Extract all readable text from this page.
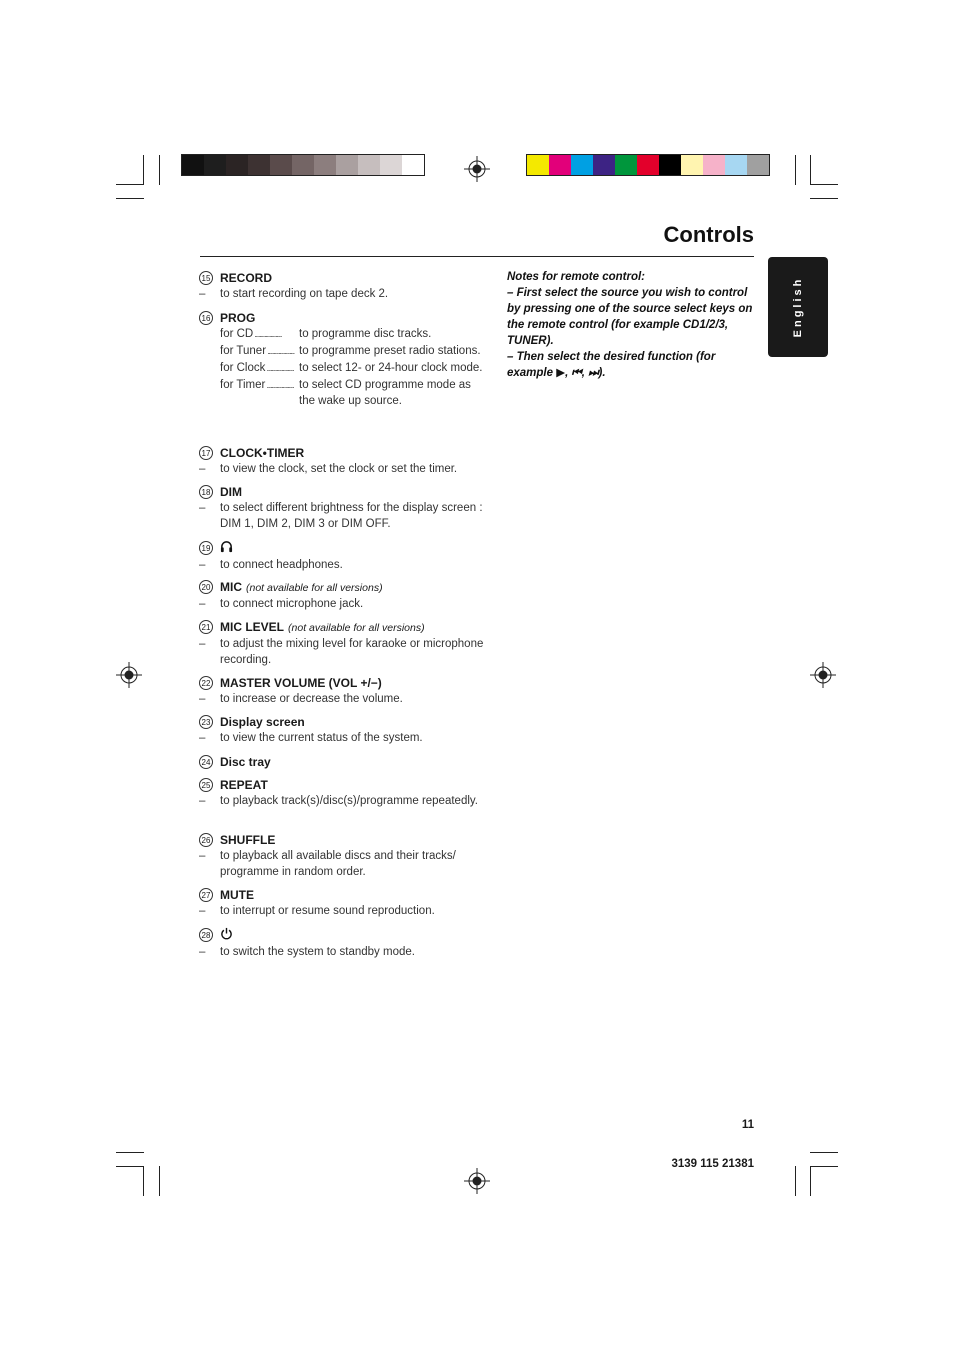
Controls
English
15 RECORD
– to start recording on tape deck 2.
16 PROG
for CD .....	to programme disc tracks.
for Tuner .....	to programme preset radio stations.
for Clock .....	to select 12- or 24-hour clock mode.
for Timer .....	to select CD programme mode as the wake up source.
17 CLOCK•TIMER
– to view the clock, set the clock or set the timer.
18 DIM
– to select different brightness for the display screen : DIM 1, DIM 2, DIM 3 or DIM OFF.
19
– to connect headphones.
20 MIC (not available for all versions)
– to connect microphone jack.
21 MIC LEVEL (not available for all versions)
– to adjust the mixing level for karaoke or microphone recording.
22 MASTER VOLUME (VOL +/−)
– to increase or decrease the volume.
23 Display screen
– to view the current status of the system.
24 Disc tray
25 REPEAT
– to playback track(s)/disc(s)/programme repeatedly.
26 SHUFFLE
– to playback all available discs and their tracks/ programme in random order.
27 MUTE
– to interrupt or resume sound reproduction.
28
– to switch the system to standby mode.
Notes for remote control:
– First select the source you wish to control by pressing one of the source select keys on the remote control (for example CD1/2/3, TUNER).
– Then select the desired function (for example ▶, ⏮, ⏭).
11
3139 115 21381
